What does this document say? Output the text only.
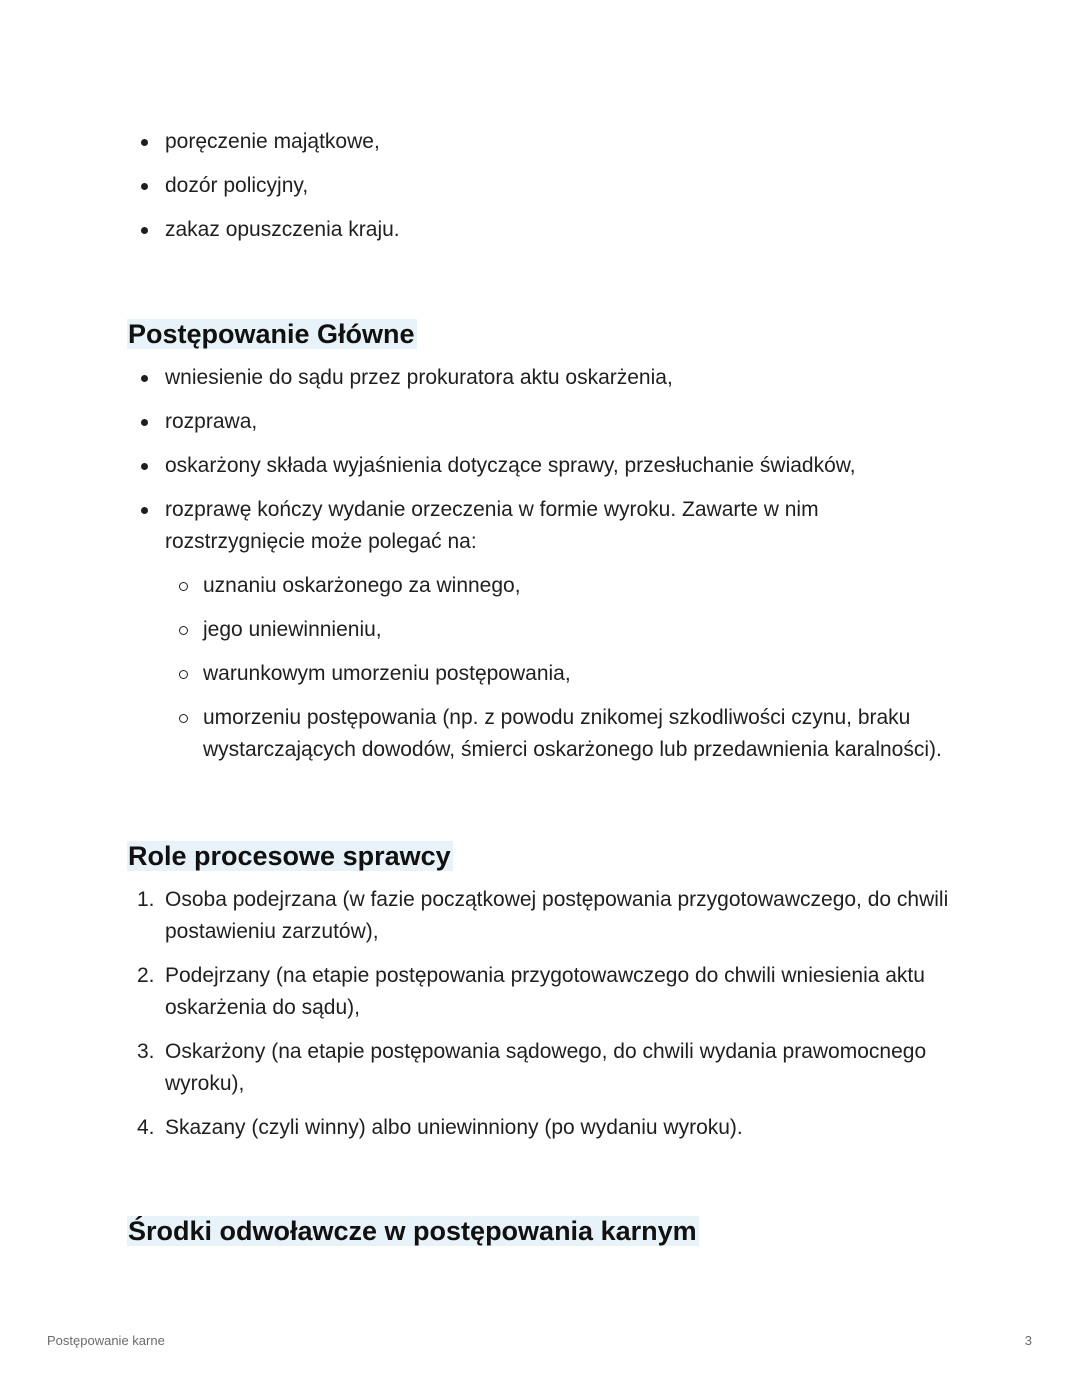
poręczenie majątkowe,
dozór policyjny,
zakaz opuszczenia kraju.
Postępowanie Główne
wniesienie do sądu przez prokuratora aktu oskarżenia,
rozprawa,
oskarżony składa wyjaśnienia dotyczące sprawy, przesłuchanie świadków,
rozprawę kończy wydanie orzeczenia w formie wyroku. Zawarte w nim rozstrzygnięcie może polegać na:
uznaniu oskarżonego za winnego,
jego uniewinnieniu,
warunkowym umorzeniu postępowania,
umorzeniu postępowania (np. z powodu znikomej szkodliwości czynu, braku wystarczających dowodów, śmierci oskarżonego lub przedawnienia karalności).
Role procesowe sprawcy
1. Osoba podejrzana (w fazie początkowej postępowania przygotowawczego, do chwili postawieniu zarzutów),
2. Podejrzany (na etapie postępowania przygotowawczego do chwili wniesienia aktu oskarżenia do sądu),
3. Oskarżony (na etapie postępowania sądowego, do chwili wydania prawomocnego wyroku),
4. Skazany (czyli winny) albo uniewinniony (po wydaniu wyroku).
Środki odwoławcze w postępowania karnym
Postępowanie karne	3
